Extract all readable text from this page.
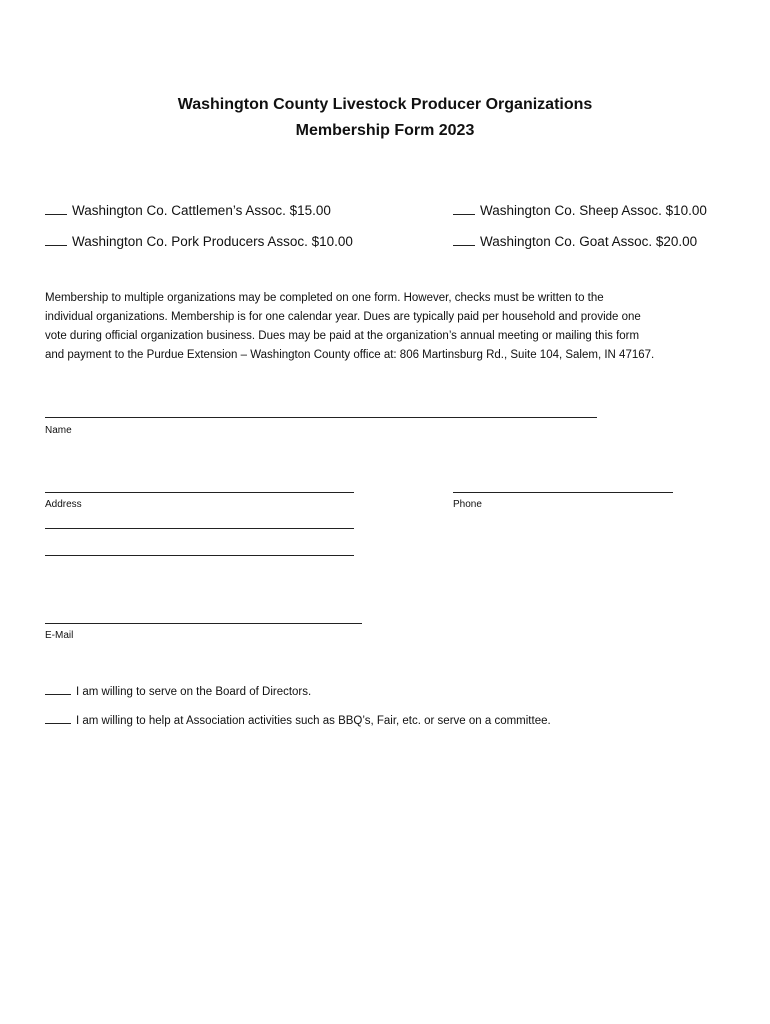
Washington County Livestock Producer Organizations
Membership Form 2023
Washington Co. Cattlemen’s Assoc. $15.00	Washington Co. Sheep Assoc. $10.00
Washington Co. Pork Producers Assoc. $10.00	Washington Co. Goat Assoc. $20.00
Membership to multiple organizations may be completed on one form. However, checks must be written to the
individual organizations. Membership is for one calendar year. Dues are typically paid per household and provide one
vote during official organization business. Dues may be paid at the organization’s annual meeting or mailing this form
and payment to the Purdue Extension – Washington County office at: 806 Martinsburg Rd., Suite 104, Salem, IN 47167.
Name
Address	Phone
E-Mail
I am willing to serve on the Board of Directors.
I am willing to help at Association activities such as BBQ’s, Fair, etc. or serve on a committee.
